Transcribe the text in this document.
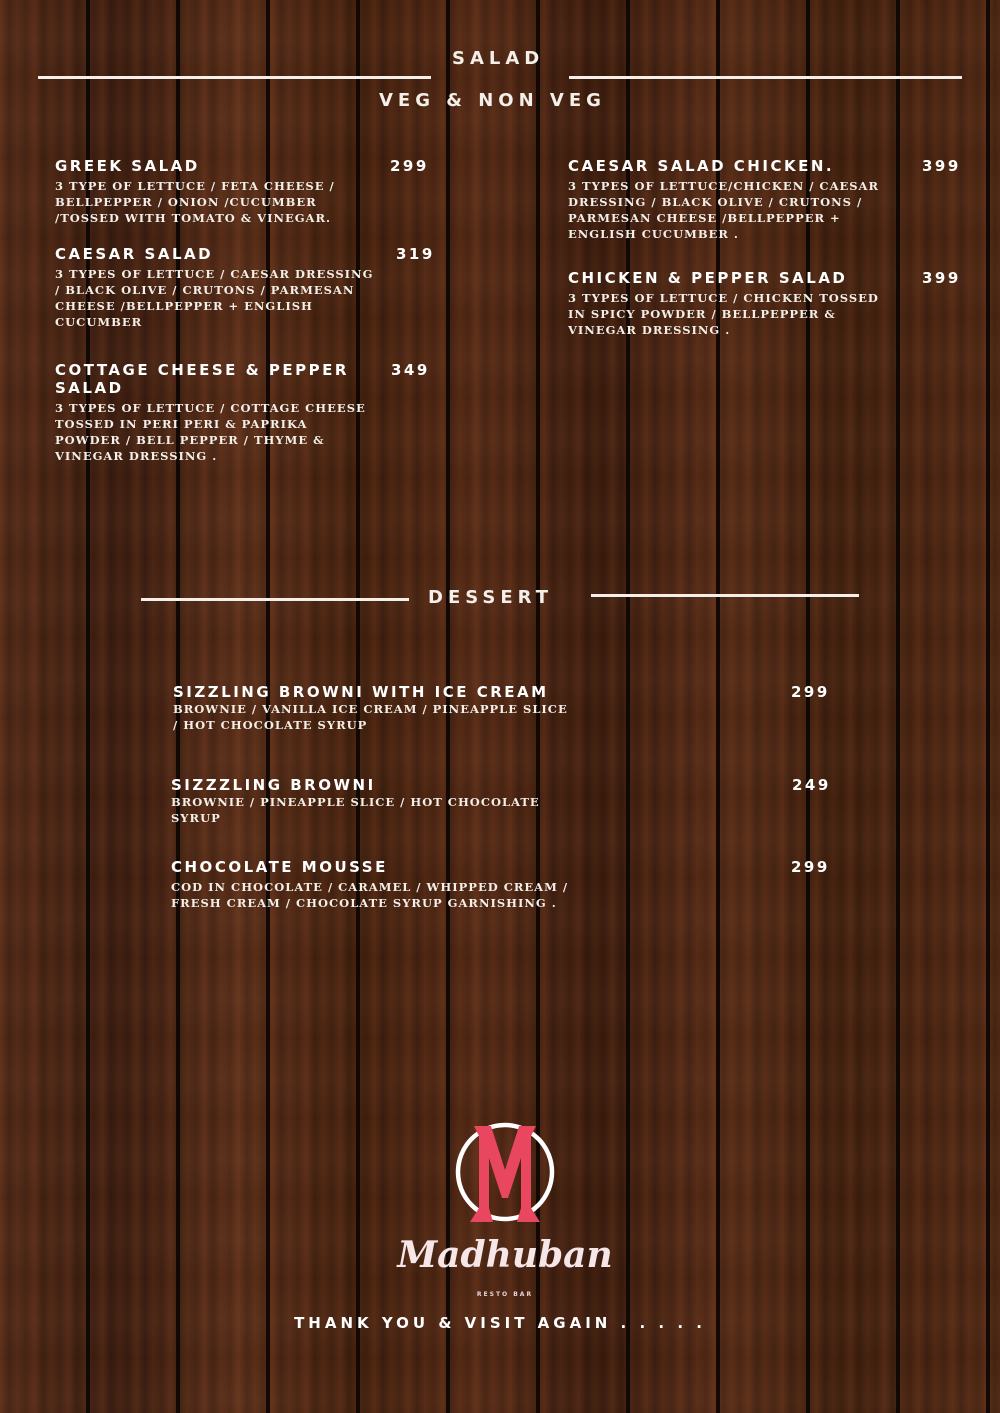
SALAD
VEG & NON VEG
GREEK SALAD
3 TYPE OF LETTUCE / FETA CHEESE / BELLPEPPER / ONION /CUCUMBER /TOSSED WITH TOMATO & VINEGAR.
299
CAESAR SALAD
3 TYPES OF LETTUCE / CAESAR DRESSING / BLACK OLIVE / CRUTONS / PARMESAN CHEESE /BELLPEPPER + ENGLISH CUCUMBER
319
COTTAGE CHEESE & PEPPER SALAD
3 TYPES OF LETTUCE / COTTAGE CHEESE TOSSED IN PERI PERI & PAPRIKA POWDER / BELL PEPPER / THYME & VINEGAR DRESSING .
349
CAESAR SALAD CHICKEN.
3 TYPES OF LETTUCE/CHICKEN / CAESAR DRESSING / BLACK OLIVE / CRUTONS / PARMESAN CHEESE /BELLPEPPER + ENGLISH CUCUMBER .
399
CHICKEN & PEPPER SALAD
3 TYPES OF LETTUCE / CHICKEN TOSSED IN SPICY POWDER / BELLPEPPER & VINEGAR DRESSING .
399
DESSERT
SIZZLING BROWNI WITH ICE CREAM
BROWNIE / VANILLA ICE CREAM / PINEAPPLE SLICE / HOT CHOCOLATE SYRUP
299
SIZZZLING BROWNI
BROWNIE / PINEAPPLE SLICE / HOT CHOCOLATE SYRUP
249
CHOCOLATE MOUSSE
COD IN CHOCOLATE / CARAMEL / WHIPPED CREAM / FRESH CREAM / CHOCOLATE SYRUP GARNISHING .
299
Madhuban
RESTO BAR
THANK YOU & VISIT AGAIN . . . . .
